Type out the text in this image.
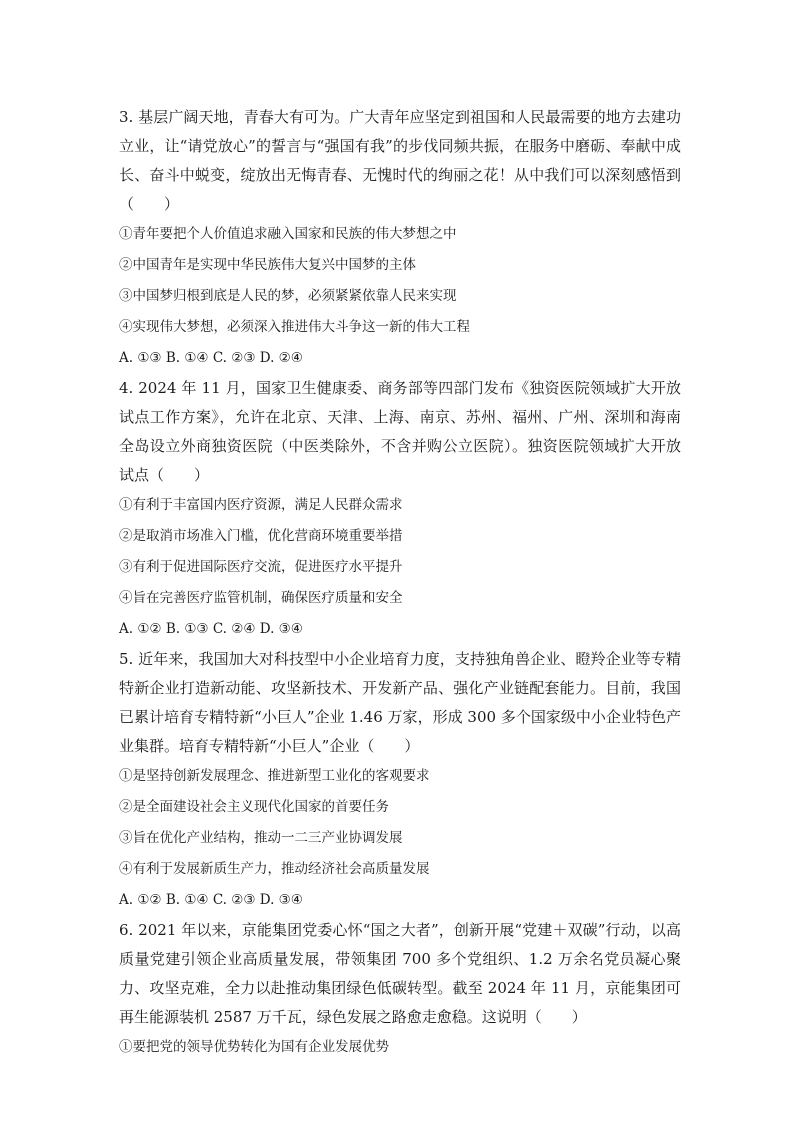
3. 基层广阔天地，青春大有可为。广大青年应坚定到祖国和人民最需要的地方去建功立业，让“请党放心”的誓言与“强国有我”的步伐同频共振，在服务中磨砺、奉献中成长、奋斗中蜕变，绽放出无悔青春、无愧时代的绚丽之花！从中我们可以深刻感悟到（　　）

①青年要把个人价值追求融入国家和民族的伟大梦想之中

②中国青年是实现中华民族伟大复兴中国梦的主体

③中国梦归根到底是人民的梦，必须紧紧依靠人民来实现

④实现伟大梦想，必须深入推进伟大斗争这一新的伟大工程

A. ①③ B. ①④ C. ②③ D. ②④

4. 2024 年 11 月，国家卫生健康委、商务部等四部门发布《独资医院领域扩大开放试点工作方案》，允许在北京、天津、上海、南京、苏州、福州、广州、深圳和海南全岛设立外商独资医院（中医类除外，不含并购公立医院）。独资医院领域扩大开放试点（　　）

①有利于丰富国内医疗资源，满足人民群众需求

②是取消市场准入门槛，优化营商环境重要举措

③有利于促进国际医疗交流，促进医疗水平提升

④旨在完善医疗监管机制，确保医疗质量和安全

A. ①② B. ①③ C. ②④ D. ③④

5. 近年来，我国加大对科技型中小企业培育力度，支持独角兽企业、瞪羚企业等专精特新企业打造新动能、攻坚新技术、开发新产品、强化产业链配套能力。目前，我国已累计培育专精特新“小巨人”企业 1.46 万家，形成 300 多个国家级中小企业特色产业集群。培育专精特新“小巨人”企业（　　）

①是坚持创新发展理念、推进新型工业化的客观要求

②是全面建设社会主义现代化国家的首要任务

③旨在优化产业结构，推动一二三产业协调发展

④有利于发展新质生产力，推动经济社会高质量发展

A. ①② B. ①④ C. ②③ D. ③④

6. 2021 年以来，京能集团党委心怀“国之大者”，创新开展“党建＋双碳”行动，以高质量党建引领企业高质量发展，带领集团 700 多个党组织、1.2 万余名党员凝心聚力、攻坚克难，全力以赴推动集团绿色低碳转型。截至 2024 年 11 月，京能集团可再生能源装机 2587 万千瓦，绿色发展之路愈走愈稳。这说明（　　）

①要把党的领导优势转化为国有企业发展优势
